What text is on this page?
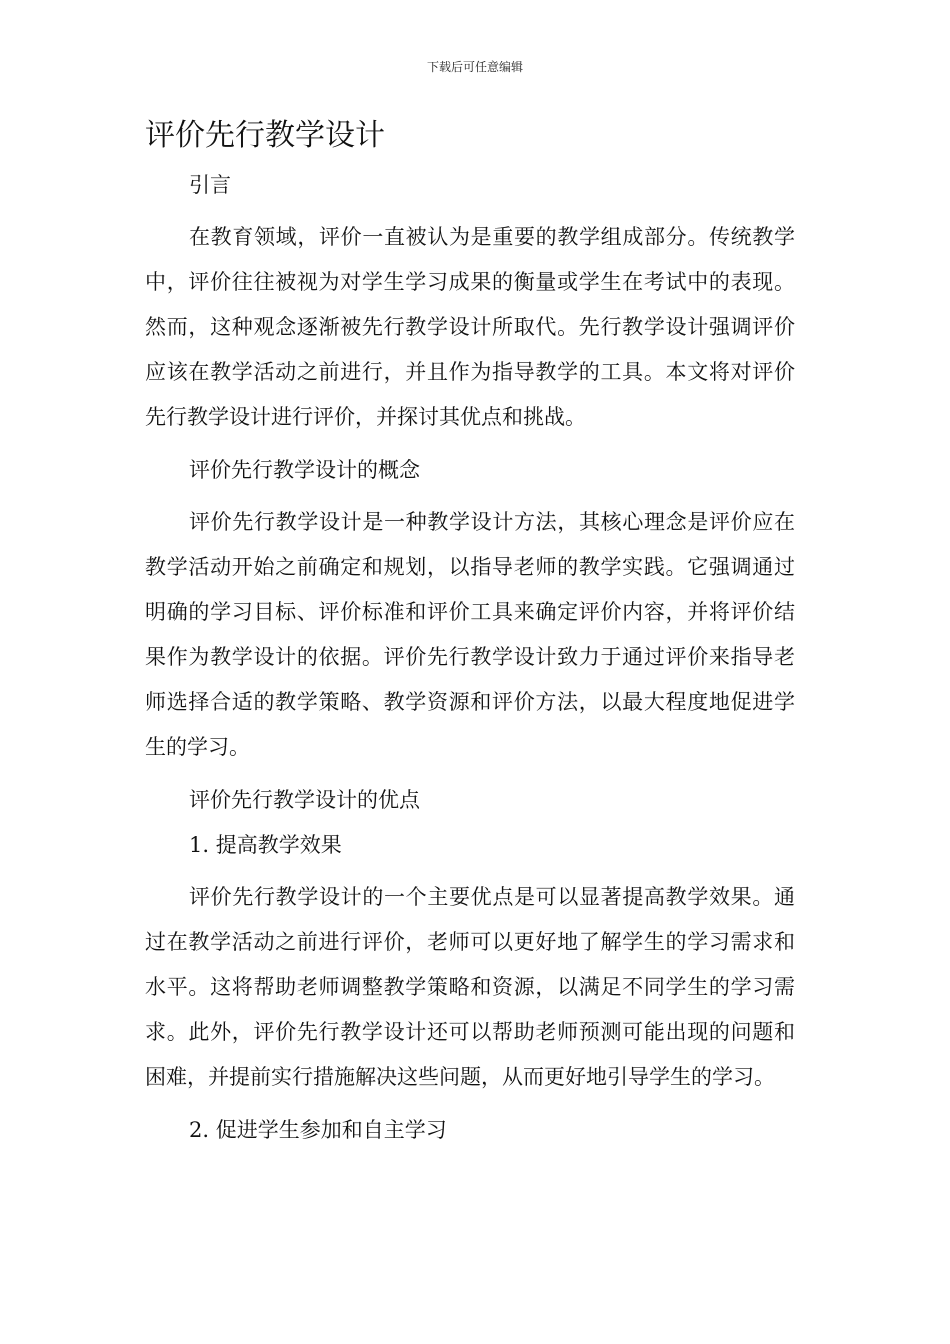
下载后可任意编辑
评价先行教学设计

引言

在教育领域，评价一直被认为是重要的教学组成部分。传统教学中，评价往往被视为对学生学习成果的衡量或学生在考试中的表现。然而，这种观念逐渐被先行教学设计所取代。先行教学设计强调评价应该在教学活动之前进行，并且作为指导教学的工具。本文将对评价先行教学设计进行评价，并探讨其优点和挑战。

评价先行教学设计的概念

评价先行教学设计是一种教学设计方法，其核心理念是评价应在教学活动开始之前确定和规划，以指导老师的教学实践。它强调通过明确的学习目标、评价标准和评价工具来确定评价内容，并将评价结果作为教学设计的依据。评价先行教学设计致力于通过评价来指导老师选择合适的教学策略、教学资源和评价方法，以最大程度地促进学生的学习。

评价先行教学设计的优点

1. 提高教学效果

评价先行教学设计的一个主要优点是可以显著提高教学效果。通过在教学活动之前进行评价，老师可以更好地了解学生的学习需求和水平。这将帮助老师调整教学策略和资源，以满足不同学生的学习需求。此外，评价先行教学设计还可以帮助老师预测可能出现的问题和困难，并提前实行措施解决这些问题，从而更好地引导学生的学习。

2. 促进学生参加和自主学习
